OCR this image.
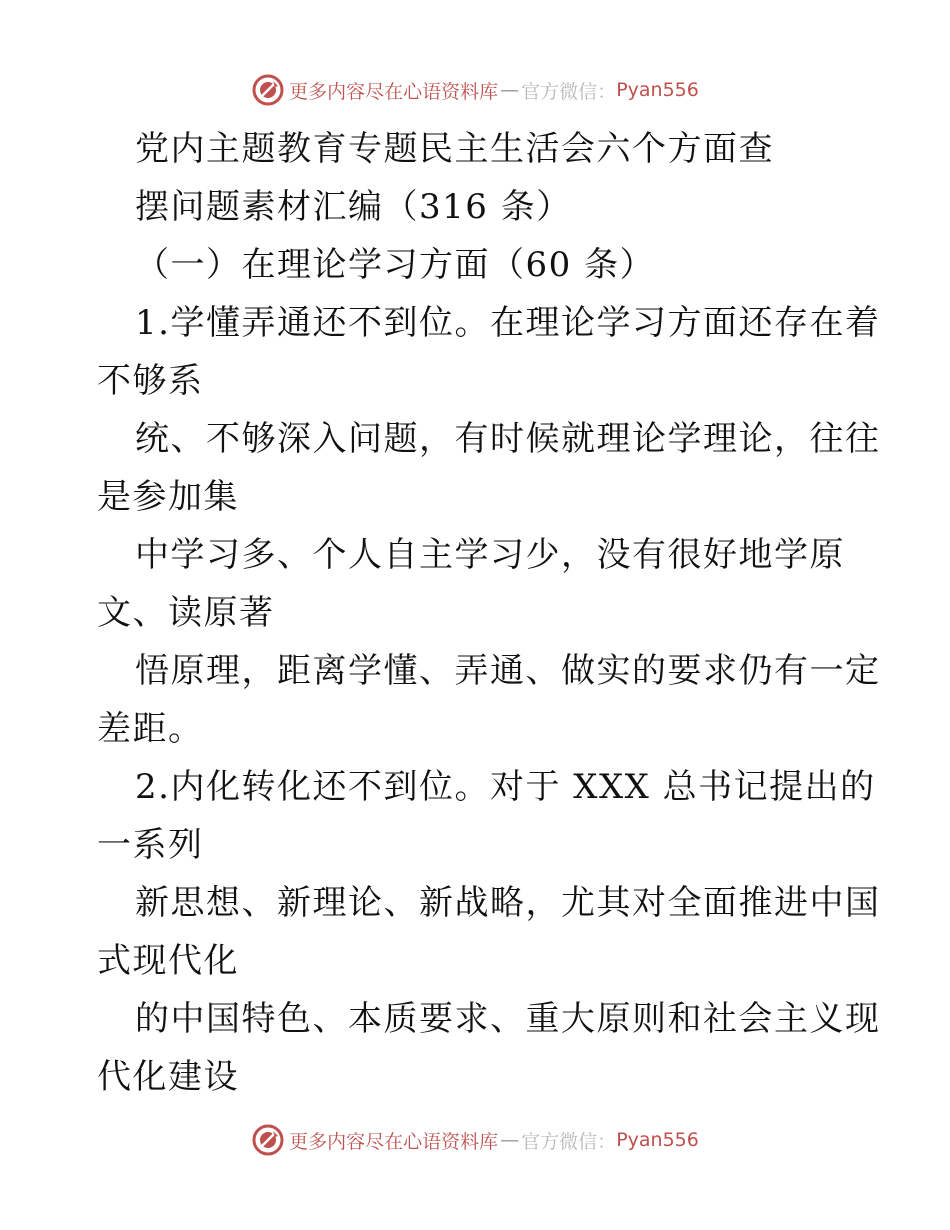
更多内容尽在心语资料库 — 官方微信： Pyan556
党内主题教育专题民主生活会六个方面查
摆问题素材汇编（316 条）
（一）在理论学习方面（60 条）
1.学懂弄通还不到位。在理论学习方面还存在着
不够系
统、不够深入问题，有时候就理论学理论，往往
是参加集
中学习多、个人自主学习少，没有很好地学原
文、读原著
悟原理，距离学懂、弄通、做实的要求仍有一定
差距。
2.内化转化还不到位。对于 XXX 总书记提出的
一系列
新思想、新理论、新战略，尤其对全面推进中国
式现代化
的中国特色、本质要求、重大原则和社会主义现
代化建设
更多内容尽在心语资料库 — 官方微信： Pyan556
